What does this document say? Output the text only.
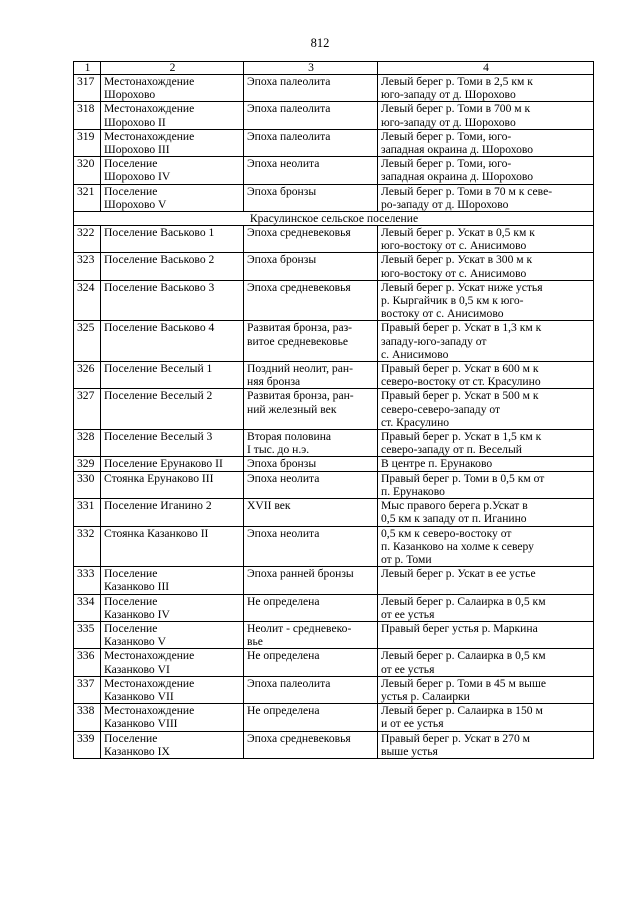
812
1	2	3	4

317	Местонахождение
Шорохово	Эпоха палеолита	Левый берег р. Томи в 2,5 км к
юго-западу от д. Шорохово

318	Местонахождение
Шорохово II	Эпоха палеолита	Левый берег р. Томи в 700 м к
юго-западу от д. Шорохово

319	Местонахождение
Шорохово III	Эпоха палеолита	Левый берег р. Томи, юго-
западная окраина д. Шорохово

320	Поселение
Шорохово IV	Эпоха неолита	Левый берег р. Томи, юго-
западная окраина д. Шорохово

321	Поселение
Шорохово V	Эпоха бронзы	Левый берег р. Томи в 70 м к севе-
ро-западу от д. Шорохово

Красулинское сельское поселение			

322	Поселение Васьково 1	Эпоха средневековья	Левый берег р. Ускат в 0,5 км к
юго-востоку от с. Анисимово

323	Поселение Васьково 2	Эпоха бронзы	Левый берег р. Ускат в 300 м к
юго-востоку от с. Анисимово

324	Поселение Васьково 3	Эпоха средневековья	Левый берег р. Ускат ниже устья
р. Кыргайчик в 0,5 км к юго-
востоку от с. Анисимово

325	Поселение Васьково 4	Развитая бронза, раз-
витое средневековье	Правый берег р. Ускат в 1,3 км к
западу-юго-западу от
с. Анисимово

326	Поселение Веселый 1	Поздний неолит, ран-
няя бронза	Правый берег р. Ускат в 600 м к
северо-востоку от ст. Красулино

327	Поселение Веселый 2	Развитая бронза, ран-
ний железный век	Правый берег р. Ускат в 500 м к
северо-северо-западу от
ст. Красулино

328	Поселение Веселый 3	Вторая половина
I тыс. до н.э.	Правый берег р. Ускат в 1,5 км к
северо-западу от п. Веселый

329	Поселение Ерунаково II	Эпоха бронзы	В центре п. Ерунаково

330	Стоянка Ерунаково III	Эпоха неолита	Правый берег р. Томи в 0,5 км от
п. Ерунаково

331	Поселение Иганино 2	XVII век	Мыс правого берега р.Ускат в
0,5 км к западу от п. Иганино

332	Стоянка Казанково II	Эпоха неолита	0,5 км к северо-востоку от
п. Казанково на холме к северу
от р. Томи

333	Поселение
Казанково III	Эпоха ранней бронзы	Левый берег р. Ускат в ее устье

334	Поселение
Казанково IV	Не определена	Левый берег р. Салаирка в 0,5 км
от ее устья

335	Поселение
Казанково V	Неолит - средневеко-
вье	Правый берег устья р. Маркина

336	Местонахождение
Казанково VI	Не определена	Левый берег р. Салаирка в 0,5 км
от ее устья

337	Местонахождение
Казанково VII	Эпоха палеолита	Левый берег р. Томи в 45 м выше
устья р. Салаирки

338	Местонахождение
Казанково VIII	Не определена	Левый берег р. Салаирка в 150 м
и от ее устья

339	Поселение
Казанково IX	Эпоха средневековья	Правый берег р. Ускат в 270 м
выше устья
